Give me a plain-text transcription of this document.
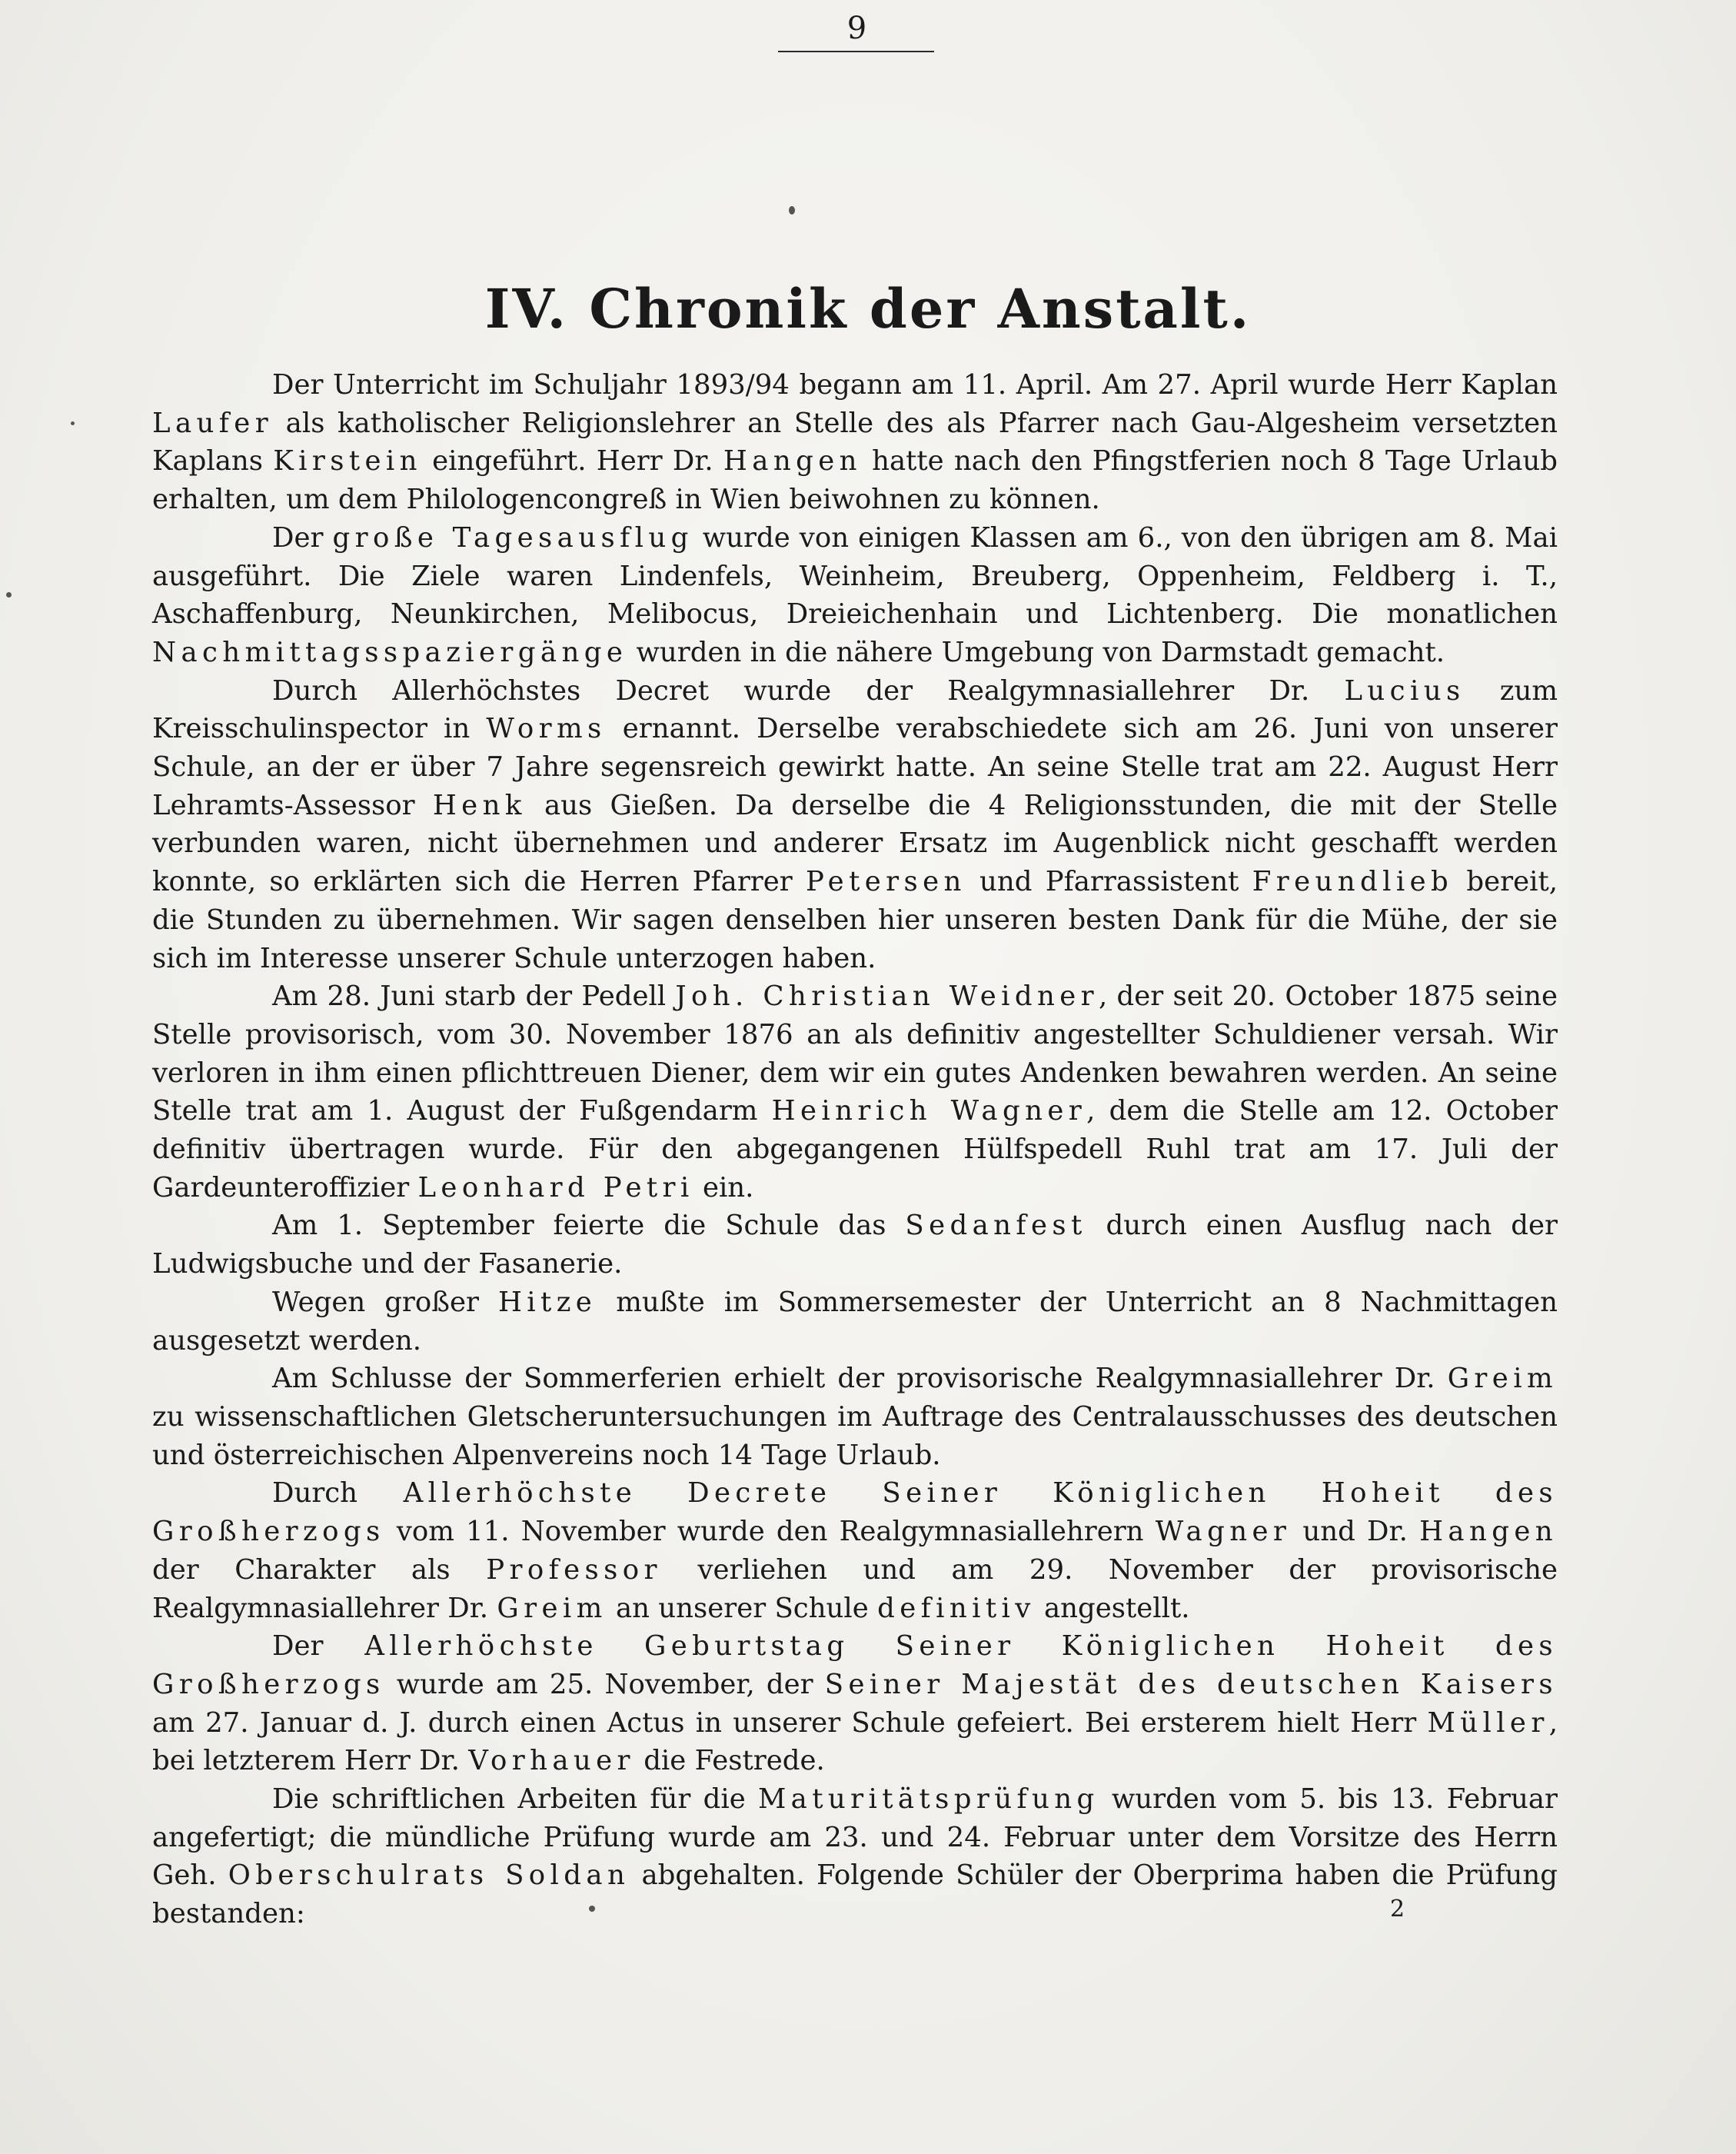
9
IV. Chronik der Anstalt.

Der Unterricht im Schuljahr 1893/94 begann am 11. April. Am 27. April wurde Herr Kaplan Laufer als katholischer Religionslehrer an Stelle des als Pfarrer nach Gau-Algesheim versetzten Kaplans Kirstein eingeführt. Herr Dr. Hangen hatte nach den Pfingstferien noch 8 Tage Urlaub erhalten, um dem Philologencongreß in Wien beiwohnen zu können.

Der große Tagesausflug wurde von einigen Klassen am 6., von den übrigen am 8. Mai ausgeführt. Die Ziele waren Lindenfels, Weinheim, Breuberg, Oppenheim, Feldberg i. T., Aschaffenburg, Neunkirchen, Melibocus, Dreieichenhain und Lichtenberg. Die monatlichen Nachmittagsspaziergänge wurden in die nähere Umgebung von Darmstadt gemacht.

Durch Allerhöchstes Decret wurde der Realgymnasiallehrer Dr. Lucius zum Kreisschulinspector in Worms ernannt. Derselbe verabschiedete sich am 26. Juni von unserer Schule, an der er über 7 Jahre segensreich gewirkt hatte. An seine Stelle trat am 22. August Herr Lehramts-Assessor Henk aus Gießen. Da derselbe die 4 Religionsstunden, die mit der Stelle verbunden waren, nicht übernehmen und anderer Ersatz im Augenblick nicht geschafft werden konnte, so erklärten sich die Herren Pfarrer Petersen und Pfarrassistent Freundlieb bereit, die Stunden zu übernehmen. Wir sagen denselben hier unseren besten Dank für die Mühe, der sie sich im Interesse unserer Schule unterzogen haben.

Am 28. Juni starb der Pedell Joh. Christian Weidner, der seit 20. October 1875 seine Stelle provisorisch, vom 30. November 1876 an als definitiv angestellter Schuldiener versah. Wir verloren in ihm einen pflichttreuen Diener, dem wir ein gutes Andenken bewahren werden. An seine Stelle trat am 1. August der Fußgendarm Heinrich Wagner, dem die Stelle am 12. October definitiv übertragen wurde. Für den abgegangenen Hülfspedell Ruhl trat am 17. Juli der Gardeunteroffizier Leonhard Petri ein.

Am 1. September feierte die Schule das Sedanfest durch einen Ausflug nach der Ludwigsbuche und der Fasanerie.

Wegen großer Hitze mußte im Sommersemester der Unterricht an 8 Nachmittagen ausgesetzt werden.

Am Schlusse der Sommerferien erhielt der provisorische Realgymnasiallehrer Dr. Greim zu wissenschaftlichen Gletscheruntersuchungen im Auftrage des Centralausschusses des deutschen und österreichischen Alpenvereins noch 14 Tage Urlaub.

Durch Allerhöchste Decrete Seiner Königlichen Hoheit des Großherzogs vom 11. November wurde den Realgymnasiallehrern Wagner und Dr. Hangen der Charakter als Professor verliehen und am 29. November der provisorische Realgymnasiallehrer Dr. Greim an unserer Schule definitiv angestellt.

Der Allerhöchste Geburtstag Seiner Königlichen Hoheit des Großherzogs wurde am 25. November, der Seiner Majestät des deutschen Kaisers am 27. Januar d. J. durch einen Actus in unserer Schule gefeiert. Bei ersterem hielt Herr Müller, bei letzterem Herr Dr. Vorhauer die Festrede.

Die schriftlichen Arbeiten für die Maturitätsprüfung wurden vom 5. bis 13. Februar angefertigt; die mündliche Prüfung wurde am 23. und 24. Februar unter dem Vorsitze des Herrn Geh. Oberschulrats Soldan abgehalten. Folgende Schüler der Oberprima haben die Prüfung bestanden:	2
